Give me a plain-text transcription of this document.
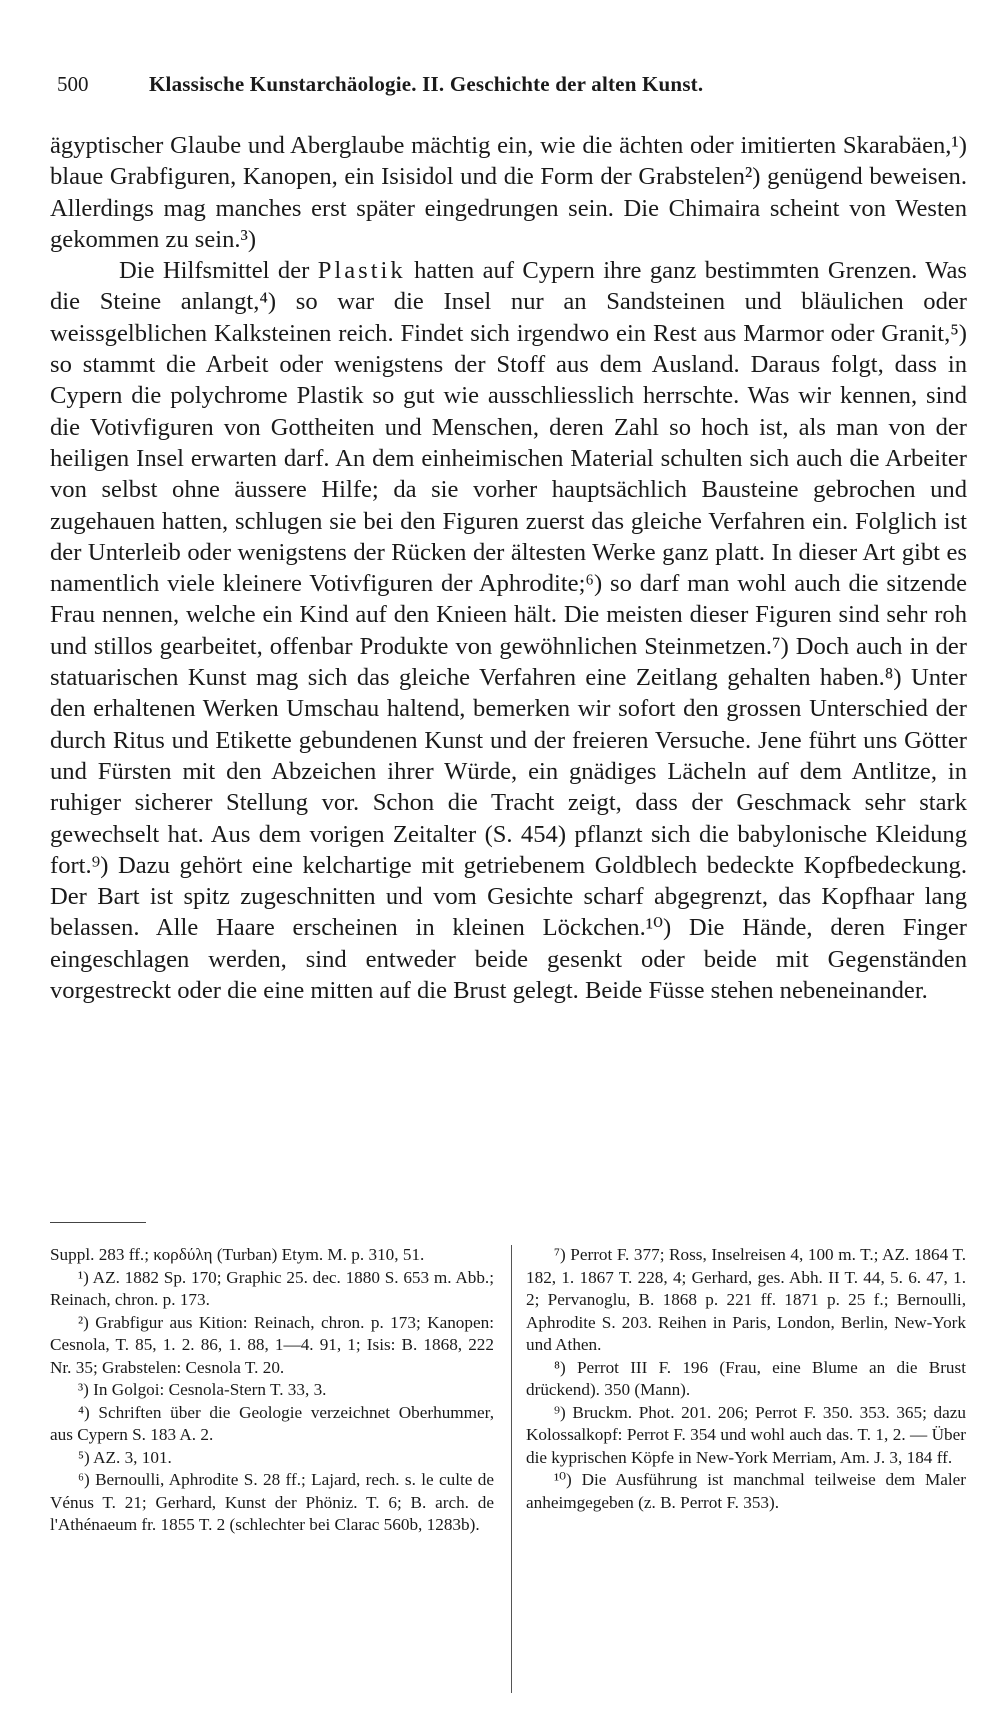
500	Klassische Kunstarchäologie. II. Geschichte der alten Kunst.

ägyptischer Glaube und Aberglaube mächtig ein, wie die ächten oder imitierten Skarabäen,¹) blaue Grabfiguren, Kanopen, ein Isisidol und die Form der Grabstelen²) genügend beweisen. Allerdings mag manches erst später eingedrungen sein. Die Chimaira scheint von Westen gekommen zu sein.³)

Die Hilfsmittel der Plastik hatten auf Cypern ihre ganz bestimmten Grenzen. Was die Steine anlangt,⁴) so war die Insel nur an Sandsteinen und bläulichen oder weissgelblichen Kalksteinen reich. Findet sich irgendwo ein Rest aus Marmor oder Granit,⁵) so stammt die Arbeit oder wenigstens der Stoff aus dem Ausland. Daraus folgt, dass in Cypern die polychrome Plastik so gut wie ausschliesslich herrschte. Was wir kennen, sind die Votivfiguren von Gottheiten und Menschen, deren Zahl so hoch ist, als man von der heiligen Insel erwarten darf. An dem einheimischen Material schulten sich auch die Arbeiter von selbst ohne äussere Hilfe; da sie vorher hauptsächlich Bausteine gebrochen und zugehauen hatten, schlugen sie bei den Figuren zuerst das gleiche Verfahren ein. Folglich ist der Unterleib oder wenigstens der Rücken der ältesten Werke ganz platt. In dieser Art gibt es namentlich viele kleinere Votivfiguren der Aphrodite;⁶) so darf man wohl auch die sitzende Frau nennen, welche ein Kind auf den Knieen hält. Die meisten dieser Figuren sind sehr roh und stillos gearbeitet, offenbar Produkte von gewöhnlichen Steinmetzen.⁷) Doch auch in der statuarischen Kunst mag sich das gleiche Verfahren eine Zeitlang gehalten haben.⁸) Unter den erhaltenen Werken Umschau haltend, bemerken wir sofort den grossen Unterschied der durch Ritus und Etikette gebundenen Kunst und der freieren Versuche. Jene führt uns Götter und Fürsten mit den Abzeichen ihrer Würde, ein gnädiges Lächeln auf dem Antlitze, in ruhiger sicherer Stellung vor. Schon die Tracht zeigt, dass der Geschmack sehr stark gewechselt hat. Aus dem vorigen Zeitalter (S. 454) pflanzt sich die babylonische Kleidung fort.⁹) Dazu gehört eine kelchartige mit getriebenem Goldblech bedeckte Kopfbedeckung. Der Bart ist spitz zugeschnitten und vom Gesichte scharf abgegrenzt, das Kopfhaar lang belassen. Alle Haare erscheinen in kleinen Löckchen.¹⁰) Die Hände, deren Finger eingeschlagen werden, sind entweder beide gesenkt oder beide mit Gegenständen vorgestreckt oder die eine mitten auf die Brust gelegt. Beide Füsse stehen nebeneinander.

Suppl. 283 ff.; κορδύλη (Turban) Etym. M. p. 310, 51.

¹) AZ. 1882 Sp. 170; Graphic 25. dec. 1880 S. 653 m. Abb.; Reinach, chron. p. 173.

²) Grabfigur aus Kition: Reinach, chron. p. 173; Kanopen: Cesnola, T. 85, 1. 2. 86, 1. 88, 1—4. 91, 1; Isis: B. 1868, 222 Nr. 35; Grabstelen: Cesnola T. 20.

³) In Golgoi: Cesnola-Stern T. 33, 3.

⁴) Schriften über die Geologie verzeichnet Oberhummer, aus Cypern S. 183 A. 2.

⁵) AZ. 3, 101.

⁶) Bernoulli, Aphrodite S. 28 ff.; Lajard, rech. s. le culte de Vénus T. 21; Gerhard, Kunst der Phöniz. T. 6; B. arch. de l'Athénaeum fr. 1855 T. 2 (schlechter bei Clarac 560b, 1283b).

⁷) Perrot F. 377; Ross, Inselreisen 4, 100 m. T.; AZ. 1864 T. 182, 1. 1867 T. 228, 4; Gerhard, ges. Abh. II T. 44, 5. 6. 47, 1. 2; Pervanoglu, B. 1868 p. 221 ff. 1871 p. 25 f.; Bernoulli, Aphrodite S. 203. Reihen in Paris, London, Berlin, New-York und Athen.

⁸) Perrot III F. 196 (Frau, eine Blume an die Brust drückend). 350 (Mann).

⁹) Bruckm. Phot. 201. 206; Perrot F. 350. 353. 365; dazu Kolossalkopf: Perrot F. 354 und wohl auch das. T. 1, 2. — Über die kyprischen Köpfe in New-York Merriam, Am. J. 3, 184 ff.

¹⁰) Die Ausführung ist manchmal teilweise dem Maler anheimgegeben (z. B. Perrot F. 353).
